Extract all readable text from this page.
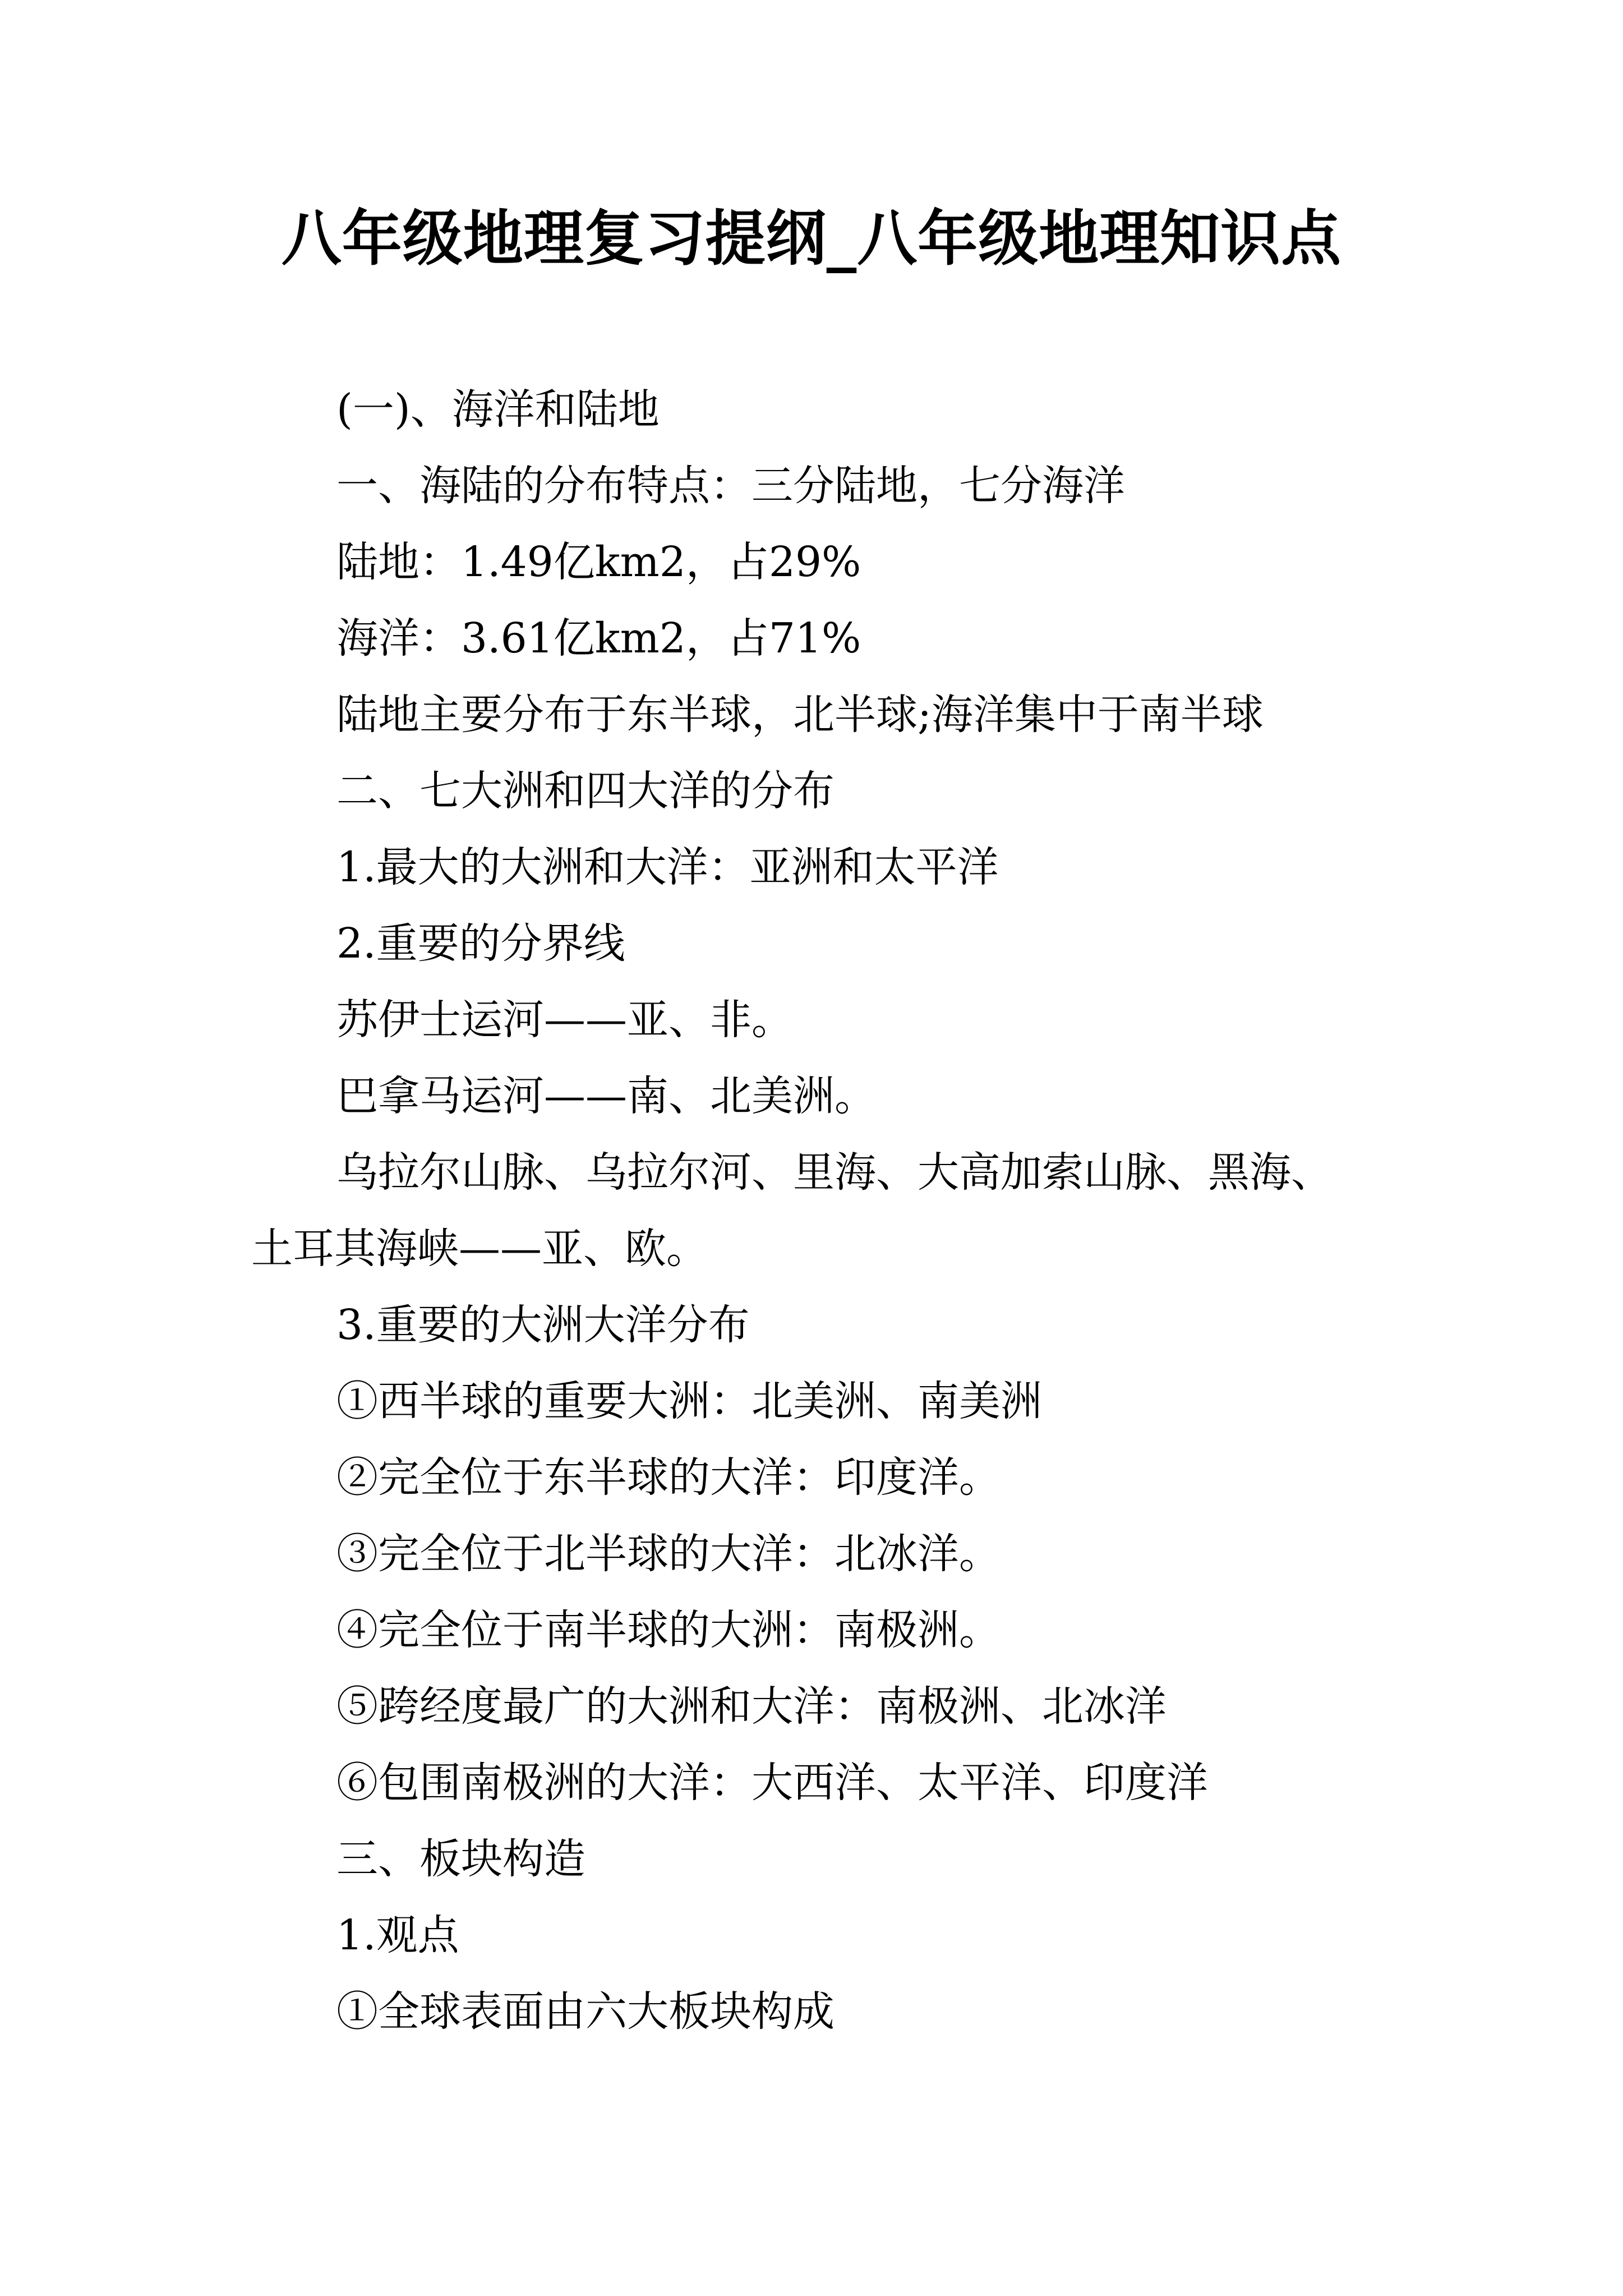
八年级地理复习提纲_八年级地理知识点
(一)、海洋和陆地
一、海陆的分布特点：三分陆地，七分海洋
陆地：1.49亿km2，占29%
海洋：3.61亿km2，占71%
陆地主要分布于东半球，北半球;海洋集中于南半球
二、七大洲和四大洋的分布
1.最大的大洲和大洋：亚洲和太平洋
2.重要的分界线
苏伊士运河——亚、非。
巴拿马运河——南、北美洲。
乌拉尔山脉、乌拉尔河、里海、大高加索山脉、黑海、
土耳其海峡——亚、欧。
3.重要的大洲大洋分布
①西半球的重要大洲：北美洲、南美洲
②完全位于东半球的大洋：印度洋。
③完全位于北半球的大洋：北冰洋。
④完全位于南半球的大洲：南极洲。
⑤跨经度最广的大洲和大洋：南极洲、北冰洋
⑥包围南极洲的大洋：大西洋、太平洋、印度洋
三、板块构造
1.观点
①全球表面由六大板块构成
